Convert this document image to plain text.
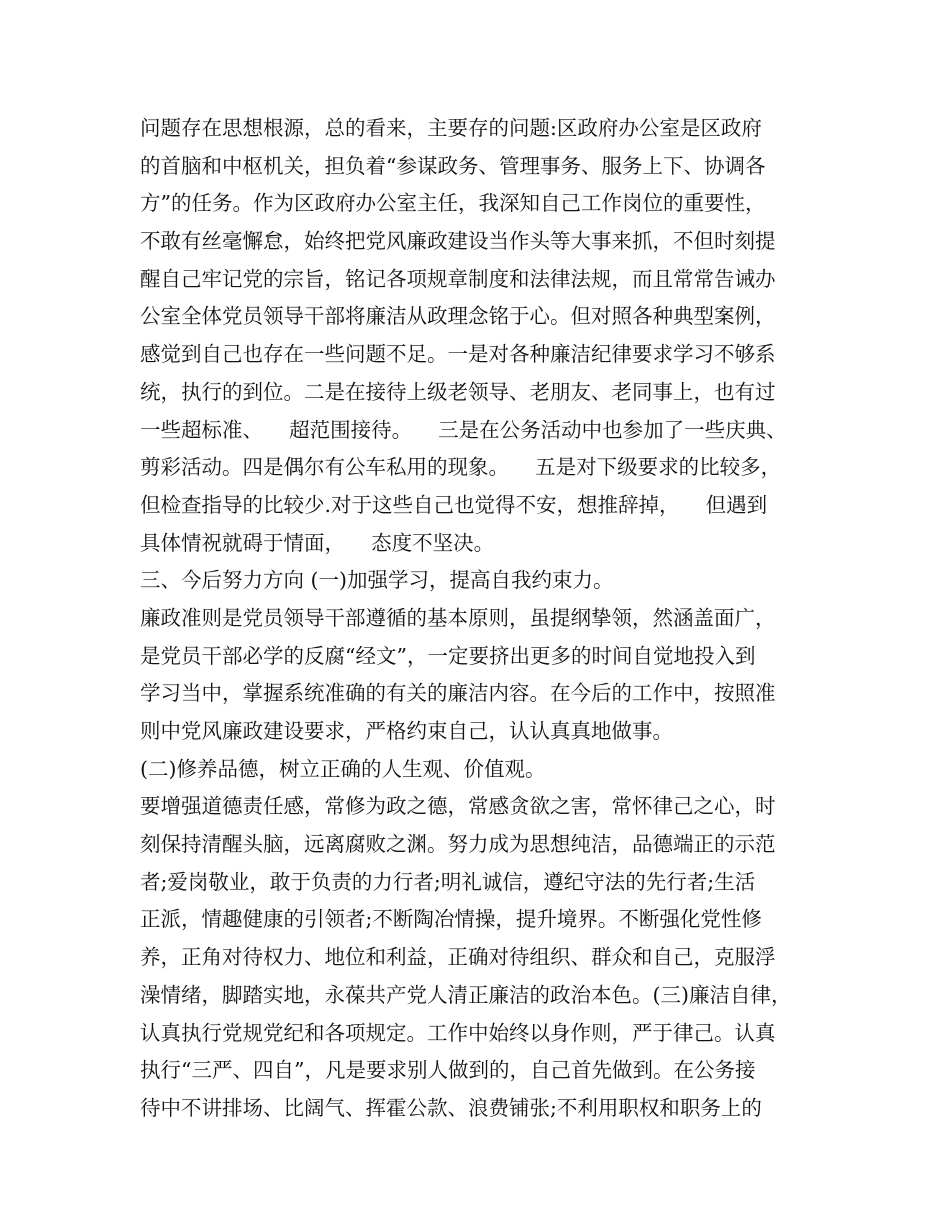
问题存在思想根源，总的看来，主要存的问题:区政府办公室是区政府
的首脑和中枢机关，担负着“参谋政务、管理事务、服务上下、协调各
方”的任务。作为区政府办公室主任，我深知自己工作岗位的重要性，
不敢有丝毫懈怠，始终把党风廉政建设当作头等大事来抓，不但时刻提
醒自己牢记党的宗旨，铭记各项规章制度和法律法规，而且常常告诫办
公室全体党员领导干部将廉洁从政理念铭于心。但对照各种典型案例，
感觉到自己也存在一些问题不足。一是对各种廉洁纪律要求学习不够系
统，执行的到位。二是在接待上级老领导、老朋友、老同事上，也有过
一些超标准、    超范围接待。    三是在公务活动中也参加了一些庆典、
剪彩活动。四是偶尔有公车私用的现象。    五是对下级要求的比较多，
但检查指导的比较少.对于这些自己也觉得不安，想推辞掉，    但遇到
具体情祝就碍于情面，    态度不坚决。
三、今后努力方向 (一)加强学习，提高自我约束力。
廉政准则是党员领导干部遵循的基本原则，虽提纲挚领，然涵盖面广，
是党员干部必学的反腐“经文”，一定要挤出更多的时间自觉地投入到
学习当中，掌握系统准确的有关的廉洁内容。在今后的工作中，按照准
则中党风廉政建设要求，严格约束自己，认认真真地做事。
(二)修养品德，树立正确的人生观、价值观。
要增强道德责任感，常修为政之德，常感贪欲之害，常怀律己之心，时
刻保持清醒头脑，远离腐败之渊。努力成为思想纯洁，品德端正的示范
者;爱岗敬业，敢于负责的力行者;明礼诚信，遵纪守法的先行者;生活
正派，情趣健康的引领者;不断陶冶情操，提升境界。不断强化党性修
养，正角对待权力、地位和利益，正确对待组织、群众和自己，克服浮
澡情绪，脚踏实地，永葆共产党人清正廉洁的政治本色。(三)廉洁自律，
认真执行党规党纪和各项规定。工作中始终以身作则，严于律己。认真
执行“三严、四自”，凡是要求别人做到的，自己首先做到。在公务接
待中不讲排场、比阔气、挥霍公款、浪费铺张;不利用职权和职务上的
